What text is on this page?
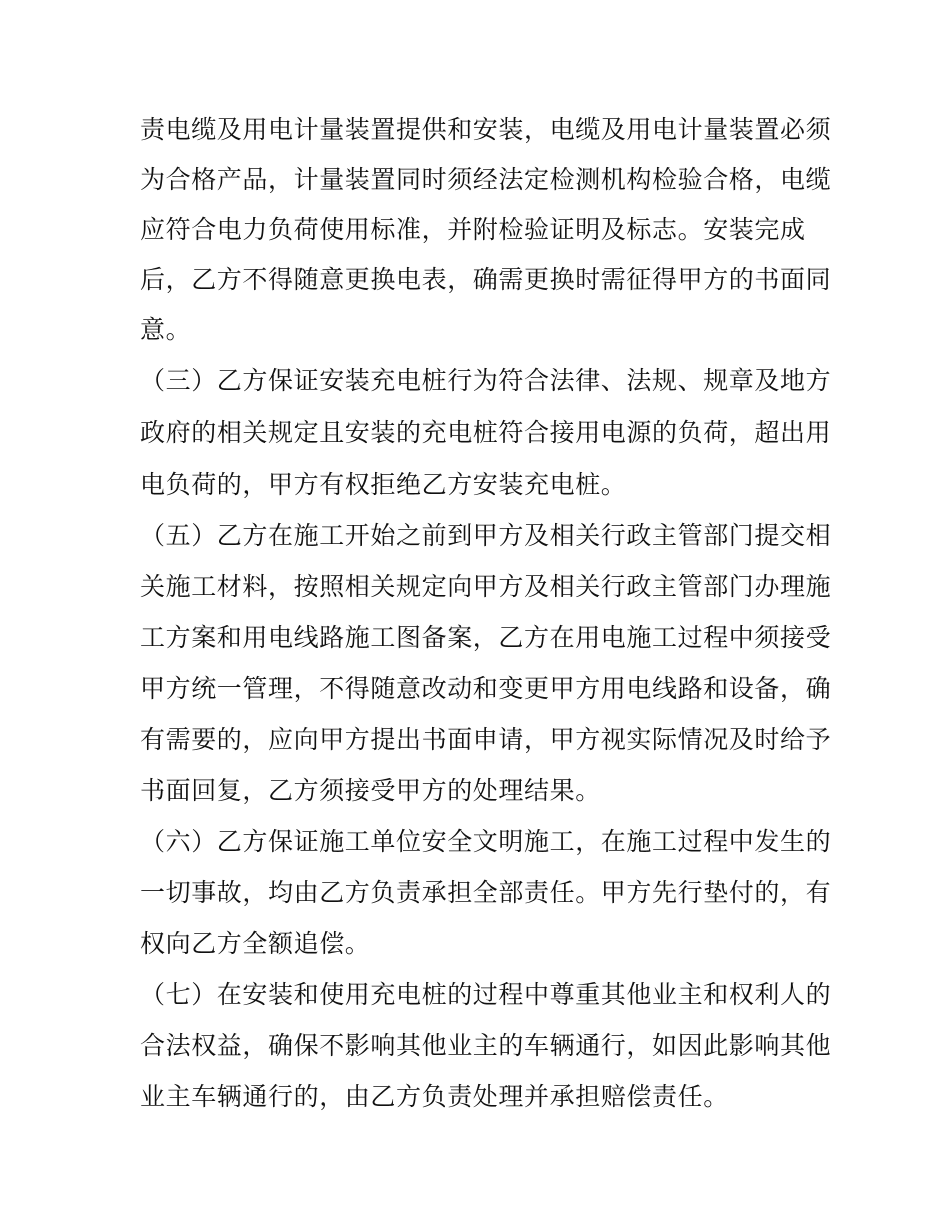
责电缆及用电计量装置提供和安装，电缆及用电计量装置必须
为合格产品，计量装置同时须经法定检测机构检验合格，电缆
应符合电力负荷使用标准，并附检验证明及标志。安装完成
后，乙方不得随意更换电表，确需更换时需征得甲方的书面同
意。
（三）乙方保证安装充电桩行为符合法律、法规、规章及地方
政府的相关规定且安装的充电桩符合接用电源的负荷，超出用
电负荷的，甲方有权拒绝乙方安装充电桩。
（五）乙方在施工开始之前到甲方及相关行政主管部门提交相
关施工材料，按照相关规定向甲方及相关行政主管部门办理施
工方案和用电线路施工图备案，乙方在用电施工过程中须接受
甲方统一管理，不得随意改动和变更甲方用电线路和设备，确
有需要的，应向甲方提出书面申请，甲方视实际情况及时给予
书面回复，乙方须接受甲方的处理结果。
（六）乙方保证施工单位安全文明施工，在施工过程中发生的
一切事故，均由乙方负责承担全部责任。甲方先行垫付的，有
权向乙方全额追偿。
（七）在安装和使用充电桩的过程中尊重其他业主和权利人的
合法权益，确保不影响其他业主的车辆通行，如因此影响其他
业主车辆通行的，由乙方负责处理并承担赔偿责任。
